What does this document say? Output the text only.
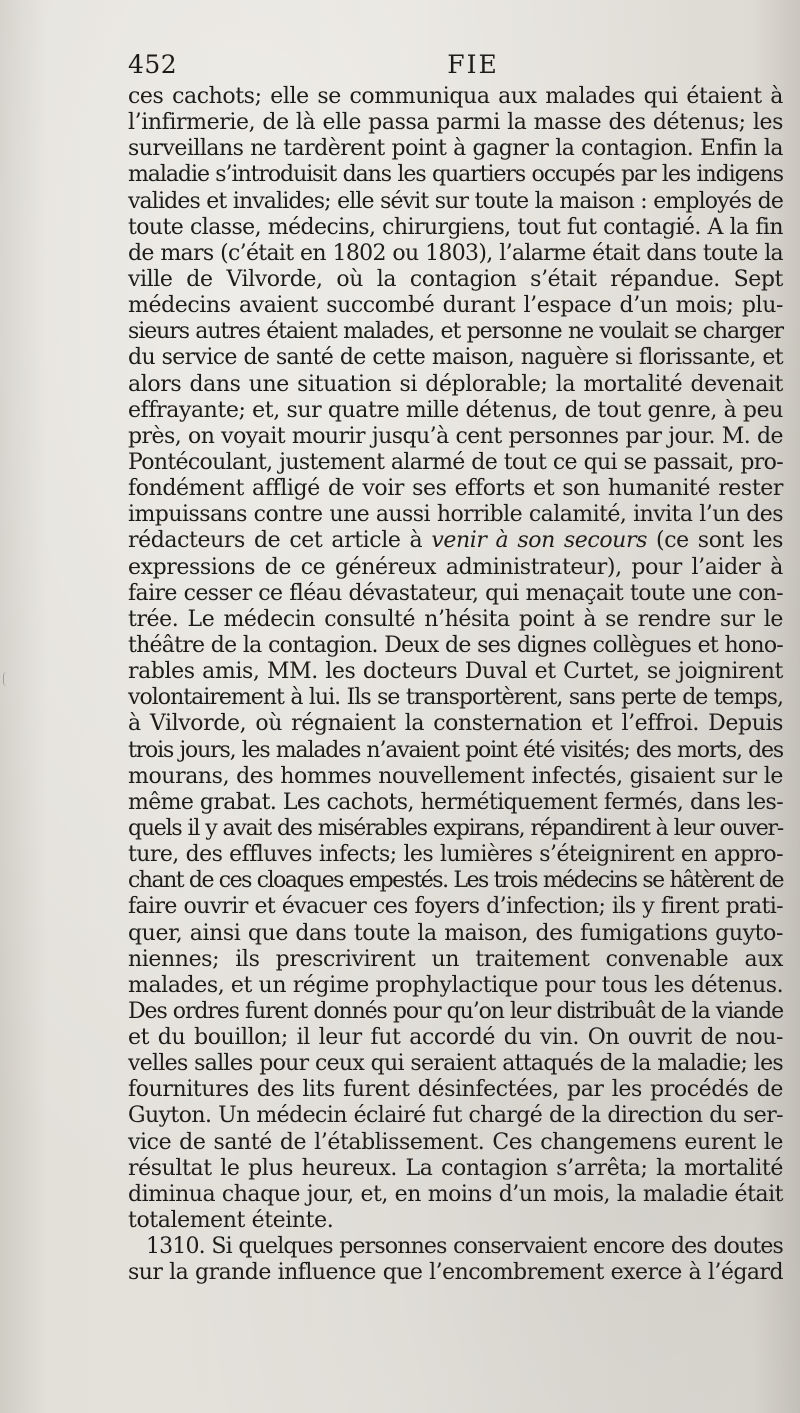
452	FIE
ces cachots; elle se communiqua aux malades qui étaient à
l’infirmerie, de là elle passa parmi la masse des détenus; les
surveillans ne tardèrent point à gagner la contagion. Enfin la
maladie s’introduisit dans les quartiers occupés par les indigens
valides et invalides; elle sévit sur toute la maison : employés de
toute classe, médecins, chirurgiens, tout fut contagié. A la fin
de mars (c’était en 1802 ou 1803), l’alarme était dans toute la
ville de Vilvorde, où la contagion s’était répandue. Sept
médecins avaient succombé durant l’espace d’un mois; plu-
sieurs autres étaient malades, et personne ne voulait se charger
du service de santé de cette maison, naguère si florissante, et
alors dans une situation si déplorable; la mortalité devenait
effrayante; et, sur quatre mille détenus, de tout genre, à peu
près, on voyait mourir jusqu’à cent personnes par jour. M. de
Pontécoulant, justement alarmé de tout ce qui se passait, pro-
fondément affligé de voir ses efforts et son humanité rester
impuissans contre une aussi horrible calamité, invita l’un des
rédacteurs de cet article à venir à son secours (ce sont les
expressions de ce généreux administrateur), pour l’aider à
faire cesser ce fléau dévastateur, qui menaçait toute une con-
trée. Le médecin consulté n’hésita point à se rendre sur le
théâtre de la contagion. Deux de ses dignes collègues et hono-
rables amis, MM. les docteurs Duval et Curtet, se joignirent
volontairement à lui. Ils se transportèrent, sans perte de temps,
à Vilvorde, où régnaient la consternation et l’effroi. Depuis
trois jours, les malades n’avaient point été visités; des morts, des
mourans, des hommes nouvellement infectés, gisaient sur le
même grabat. Les cachots, hermétiquement fermés, dans les-
quels il y avait des misérables expirans, répandirent à leur ouver-
ture, des effluves infects; les lumières s’éteignirent en appro-
chant de ces cloaques empestés. Les trois médecins se hâtèrent de
faire ouvrir et évacuer ces foyers d’infection; ils y firent prati-
quer, ainsi que dans toute la maison, des fumigations guyto-
niennes; ils prescrivirent un traitement convenable aux
malades, et un régime prophylactique pour tous les détenus.
Des ordres furent donnés pour qu’on leur distribuât de la viande
et du bouillon; il leur fut accordé du vin. On ouvrit de nou-
velles salles pour ceux qui seraient attaqués de la maladie; les
fournitures des lits furent désinfectées, par les procédés de
Guyton. Un médecin éclairé fut chargé de la direction du ser-
vice de santé de l’établissement. Ces changemens eurent le
résultat le plus heureux. La contagion s’arrêta; la mortalité
diminua chaque jour, et, en moins d’un mois, la maladie était
totalement éteinte.
1310. Si quelques personnes conservaient encore des doutes
sur la grande influence que l’encombrement exerce à l’égard
